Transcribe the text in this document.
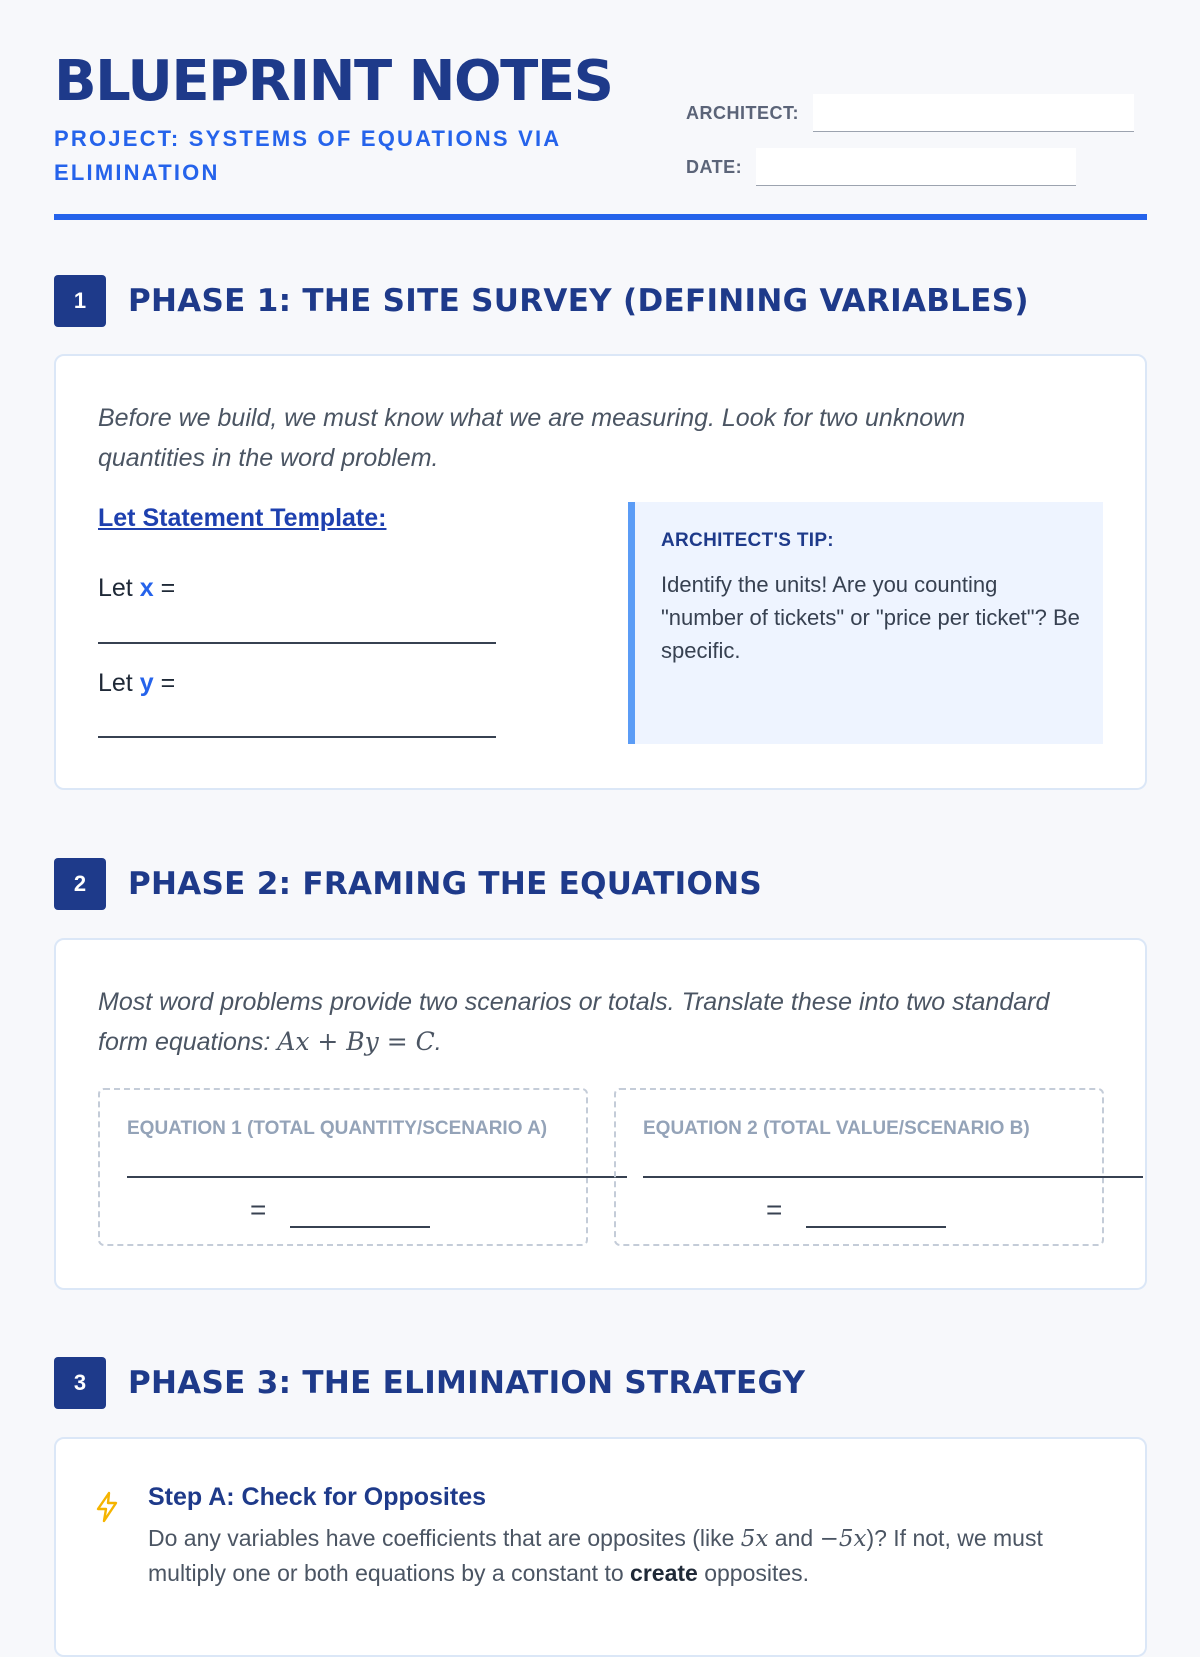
BLUEPRINT NOTES

PROJECT: SYSTEMS OF EQUATIONS VIA ELIMINATION

ARCHITECT:
DATE:
1	PHASE 1: THE SITE SURVEY (DEFINING VARIABLES)

Before we build, we must know what we are measuring. Look for two unknown quantities in the word problem.

Let Statement Template:

Let x =
Let y =

ARCHITECT'S TIP:

Identify the units! Are you counting "number of tickets" or "price per ticket"? Be specific.

2	PHASE 2: FRAMING THE EQUATIONS

Most word problems provide two scenarios or totals. Translate these into two standard form equations: Ax + By = C.

EQUATION 1 (TOTAL QUANTITY/SCENARIO A)

=

EQUATION 2 (TOTAL VALUE/SCENARIO B)

=
3	PHASE 3: THE ELIMINATION STRATEGY

Step A: Check for Opposites

Do any variables have coefficients that are opposites (like 5x and −5x)? If not, we must multiply one or both equations by a constant to create opposites.
